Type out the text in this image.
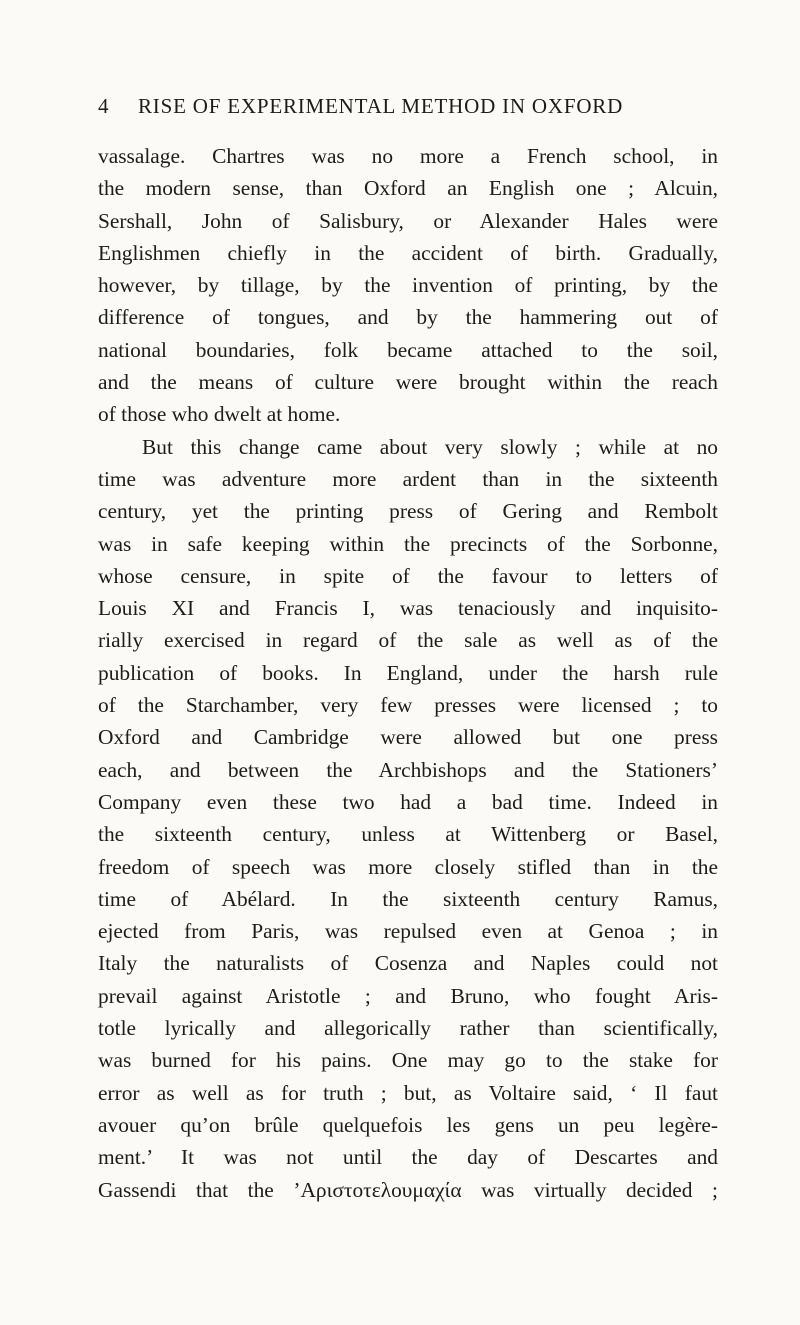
4 RISE OF EXPERIMENTAL METHOD IN OXFORD
vassalage. Chartres was no more a French school, in
the modern sense, than Oxford an English one ; Alcuin,
Sershall, John of Salisbury, or Alexander Hales were
Englishmen chiefly in the accident of birth. Gradually,
however, by tillage, by the invention of printing, by the
difference of tongues, and by the hammering out of
national boundaries, folk became attached to the soil,
and the means of culture were brought within the reach
of those who dwelt at home.
But this change came about very slowly ; while at no
time was adventure more ardent than in the sixteenth
century, yet the printing press of Gering and Rembolt
was in safe keeping within the precincts of the Sorbonne,
whose censure, in spite of the favour to letters of
Louis XI and Francis I, was tenaciously and inquisito-
rially exercised in regard of the sale as well as of the
publication of books. In England, under the harsh rule
of the Starchamber, very few presses were licensed ; to
Oxford and Cambridge were allowed but one press
each, and between the Archbishops and the Stationers’
Company even these two had a bad time. Indeed in
the sixteenth century, unless at Wittenberg or Basel,
freedom of speech was more closely stifled than in the
time of Abélard. In the sixteenth century Ramus,
ejected from Paris, was repulsed even at Genoa ; in
Italy the naturalists of Cosenza and Naples could not
prevail against Aristotle ; and Bruno, who fought Aris-
totle lyrically and allegorically rather than scientifically,
was burned for his pains. One may go to the stake for
error as well as for truth ; but, as Voltaire said, ‘ Il faut
avouer qu’on brûle quelquefois les gens un peu legère-
ment.’ It was not until the day of Descartes and
Gassendi that the ’Αριστοτελουμαχία was virtually decided ;
